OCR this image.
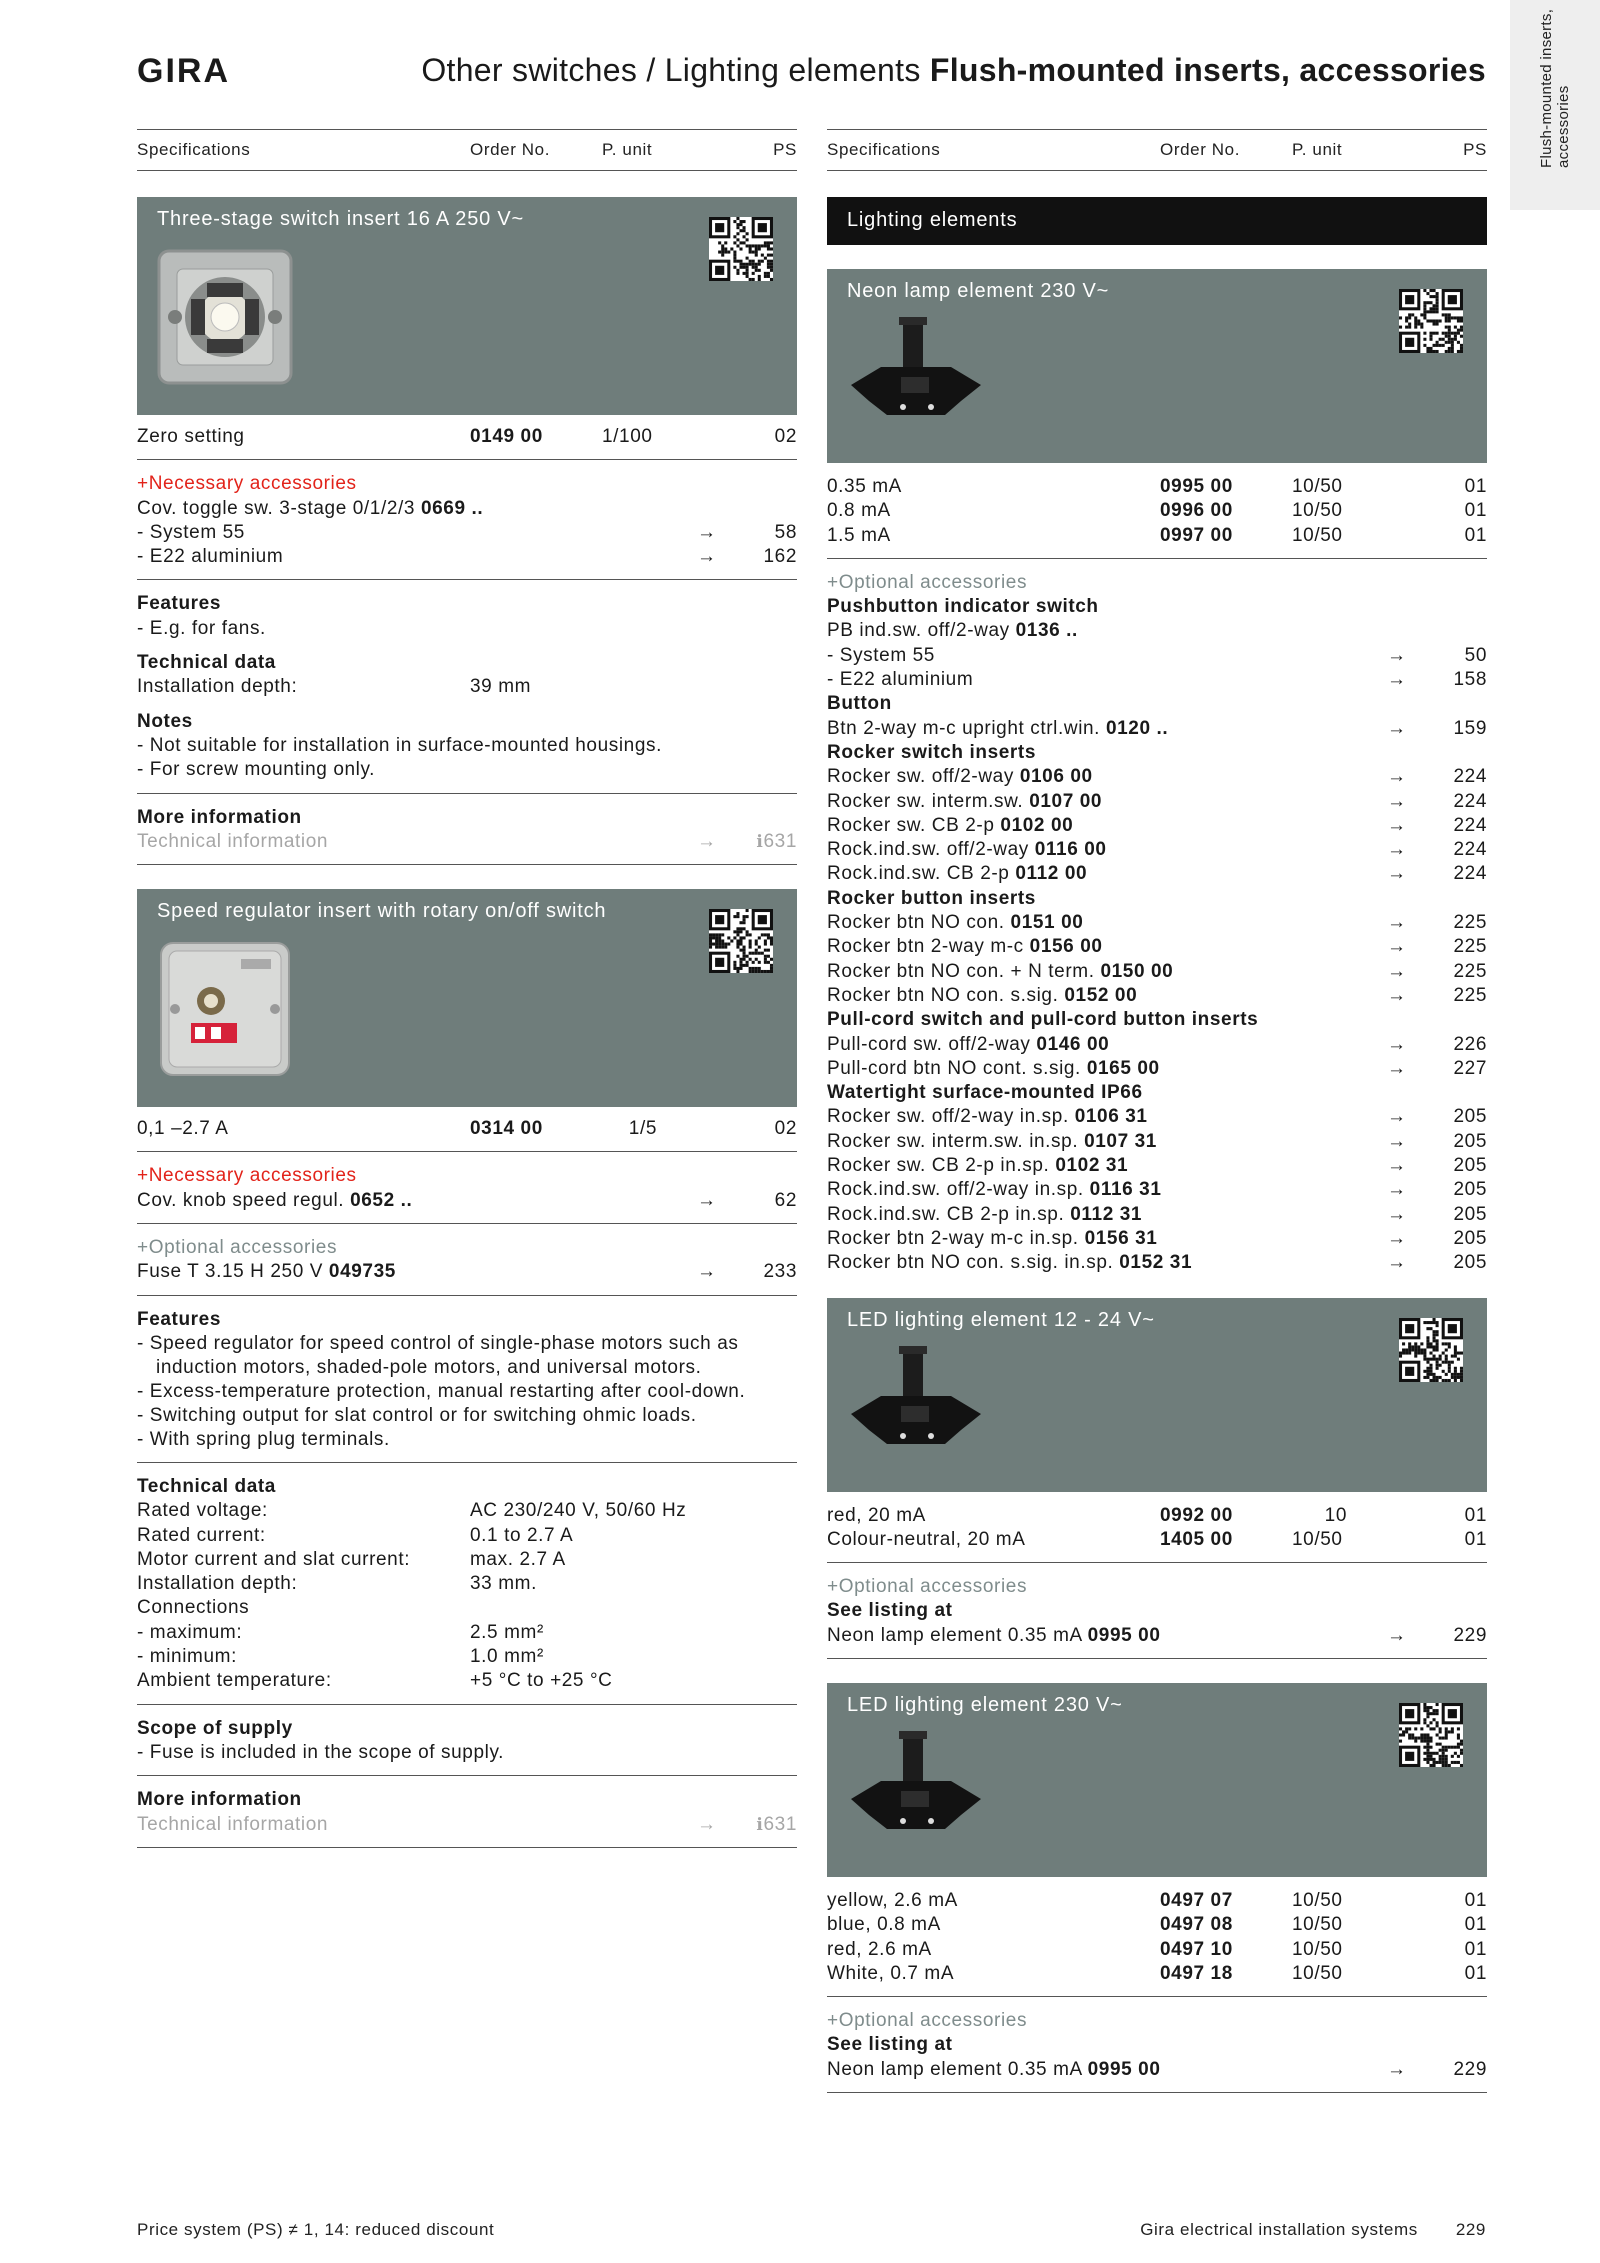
GIRA	Other switches / Lighting elements Flush-mounted inserts, accessories	Flush-mounted inserts, accessories
Specifications	Order No.	P. unit	PS
Three-stage switch insert 16 A 250 V~
Zero setting	0149 00	1/100	02
+Necessary accessories
Cov. toggle sw. 3-stage 0/1/2/3 0669 ..
- System 55	→	58
- E22 aluminium	→ 162
Features
- E.g. for fans.
Technical data
Installation depth:	39 mm
Notes
- Not suitable for installation in surface-mounted housings.
- For screw mounting only.
More information
Technical information	→ ℹ631
Speed regulator insert with rotary on/off switch
0,1 –2.7 A	0314 00	1/5	02
+Necessary accessories
Cov. knob speed regul. 0652 ..	→	62
+Optional accessories
Fuse T 3.15 H 250 V 049735	→ 233
Features
- Speed regulator for speed control of single-phase motors such as induction motors, shaded-pole motors, and universal motors.
- Excess-temperature protection, manual restarting after cool-down.
- Switching output for slat control or for switching ohmic loads.
- With spring plug terminals.
Technical data
Rated voltage:	AC 230/240 V, 50/60 Hz
Rated current:	0.1 to 2.7 A
Motor current and slat current:	max. 2.7 A
Installation depth:	33 mm.
Connections
- maximum:	2.5 mm²
- minimum:	1.0 mm²
Ambient temperature:	+5 °C to +25 °C
Scope of supply
- Fuse is included in the scope of supply.
More information
Technical information	→ ℹ631
Specifications	Order No.	P. unit	PS
Lighting elements
Neon lamp element 230 V~
0.35 mA	0995 00	10/50	01
0.8 mA	0996 00	10/50	01
1.5 mA	0997 00	10/50	01
+Optional accessories
Pushbutton indicator switch
PB ind.sw. off/2-way 0136 ..
- System 55	→	50
- E22 aluminium	→ 158
Button
Btn 2-way m-c upright ctrl.win. 0120 ..	→ 159
Rocker switch inserts
Rocker sw. off/2-way 0106 00	→ 224
Rocker sw. interm.sw. 0107 00	→ 224
Rocker sw. CB 2-p 0102 00	→ 224
Rock.ind.sw. off/2-way 0116 00	→ 224
Rock.ind.sw. CB 2-p 0112 00	→ 224
Rocker button inserts
Rocker btn NO con. 0151 00	→ 225
Rocker btn 2-way m-c 0156 00	→ 225
Rocker btn NO con. + N term. 0150 00	→ 225
Rocker btn NO con. s.sig. 0152 00	→ 225
Pull-cord switch and pull-cord button inserts
Pull-cord sw. off/2-way 0146 00	→ 226
Pull-cord btn NO cont. s.sig. 0165 00	→ 227
Watertight surface-mounted IP66
Rocker sw. off/2-way in.sp. 0106 31	→ 205
Rocker sw. interm.sw. in.sp. 0107 31	→ 205
Rocker sw. CB 2-p in.sp. 0102 31	→ 205
Rock.ind.sw. off/2-way in.sp. 0116 31	→ 205
Rock.ind.sw. CB 2-p in.sp. 0112 31	→ 205
Rocker btn 2-way m-c in.sp. 0156 31	→ 205
Rocker btn NO con. s.sig. in.sp. 0152 31	→ 205
LED lighting element 12 - 24 V~
red, 20 mA	0992 00	10	01
Colour-neutral, 20 mA	1405 00	10/50	01
+Optional accessories
See listing at
Neon lamp element 0.35 mA 0995 00	→ 229
LED lighting element 230 V~
yellow, 2.6 mA	0497 07	10/50	01
blue, 0.8 mA	0497 08	10/50	01
red, 2.6 mA	0497 10	10/50	01
White, 0.7 mA	0497 18	10/50	01
+Optional accessories
See listing at
Neon lamp element 0.35 mA 0995 00	→ 229
Price system (PS) ≠ 1, 14: reduced discount	Gira electrical installation systems 229
